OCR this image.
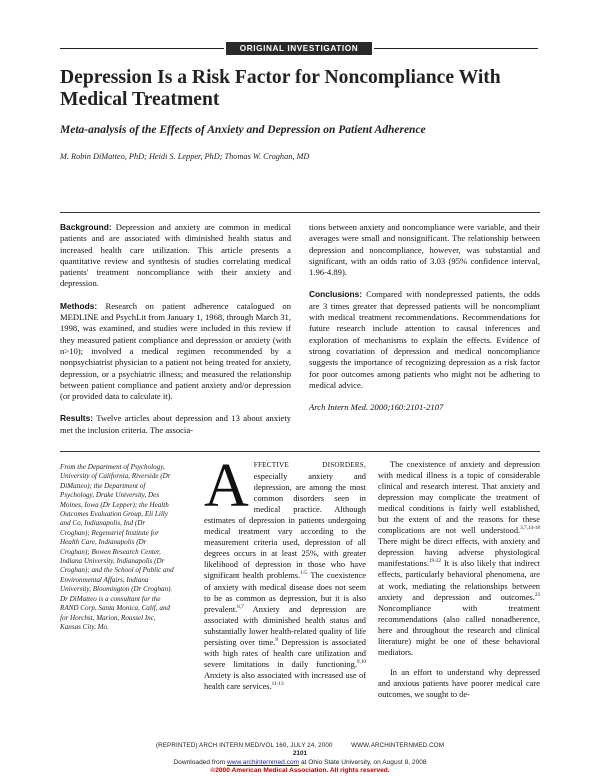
ORIGINAL INVESTIGATION
Depression Is a Risk Factor for Noncompliance With Medical Treatment
Meta-analysis of the Effects of Anxiety and Depression on Patient Adherence
M. Robin DiMatteo, PhD; Heidi S. Lepper, PhD; Thomas W. Croghan, MD

Background: Depression and anxiety are common in medical patients and are associated with diminished health status and increased health care utilization. This article presents a quantitative review and synthesis of studies correlating medical patients' treatment noncompliance with their anxiety and depression.

Methods: Research on patient adherence catalogued on MEDLINE and PsychLit from January 1, 1968, through March 31, 1998, was examined, and studies were included in this review if they measured patient compliance and depression or anxiety (with n>10); involved a medical regimen recommended by a nonpsychiatrist physician to a patient not being treated for anxiety, depression, or a psychiatric illness; and measured the relationship between patient compliance and patient anxiety and/or depression (or provided data to calculate it).

Results: Twelve articles about depression and 13 about anxiety met the inclusion criteria. The associa-

tions between anxiety and noncompliance were variable, and their averages were small and nonsignificant. The relationship between depression and noncompliance, however, was substantial and significant, with an odds ratio of 3.03 (95% confidence interval, 1.96-4.89).

Conclusions: Compared with nondepressed patients, the odds are 3 times greater that depressed patients will be noncompliant with medical treatment recommendations. Recommendations for future research include attention to causal inferences and exploration of mechanisms to explain the effects. Evidence of strong covariation of depression and medical noncompliance suggests the importance of recognizing depression as a risk factor for poor outcomes among patients who might not be adhering to medical advice.

Arch Intern Med. 2000;160:2101-2107

From the Department of Psychology, University of California, Riverside (Dr DiMatteo); the Department of Psychology, Drake University, Des Moines, Iowa (Dr Lepper); the Health Outcomes Evaluation Group, Eli Lilly and Co, Indianapolis, Ind (Dr Croghan); Regenstrief Institute for Health Care, Indianapolis (Dr Croghan); Bowen Research Center, Indiana University, Indianapolis (Dr Croghan); and the School of Public and Environmental Affairs, Indiana University, Bloomington (Dr Croghan). Dr DiMatteo is a consultant for the RAND Corp, Santa Monica, Calif, and for Horchst, Marion, Roussel Inc, Kansas City, Mo.

AFFECTIVE DISORDERS, especially anxiety and depression, are among the most common disorders seen in medical practice. Although estimates of depression in patients undergoing medical treatment vary according to the measurement criteria used, depression of all degrees occurs in at least 25%, with greater likelihood of depression in those who have significant health problems.$^{1-5}$ The coexistence of anxiety with medical disease does not seem to be as common as depression, but it is also prevalent.$^{6,7}$ Anxiety and depression are associated with diminished health status and substantially lower health-related quality of life persisting over time.$^8$ Depression is associated with high rates of health care utilization and severe limitations in daily functioning.$^{9,10}$ Anxiety is also associated with increased use of health care services.$^{11-13}$

The coexistence of anxiety and depression with medical illness is a topic of considerable clinical and research interest. That anxiety and depression may complicate the treatment of medical conditions is fairly well established, but the extent of and the reasons for these complications are not well understood.$^{3,7,14-18}$ There might be direct effects, with anxiety and depression having adverse physiological manifestations.$^{19-22}$ It is also likely that indirect effects, particularly behavioral phenomena, are at work, mediating the relationships between anxiety and depression and outcomes.$^{23}$ Noncompliance with treatment recommendations (also called nonadherence, here and throughout the research and clinical literature) might be one of these behavioral mediators.

In an effort to understand why depressed and anxious patients have poorer medical care outcomes, we sought to de-

(REPRINTED) ARCH INTERN MED/VOL 160, JULY 24, 2000          WWW.ARCHINTERNMED.COM
2101
Downloaded from www.archinternmed.com at Ohio State University, on August 8, 2008
©2000 American Medical Association. All rights reserved.
